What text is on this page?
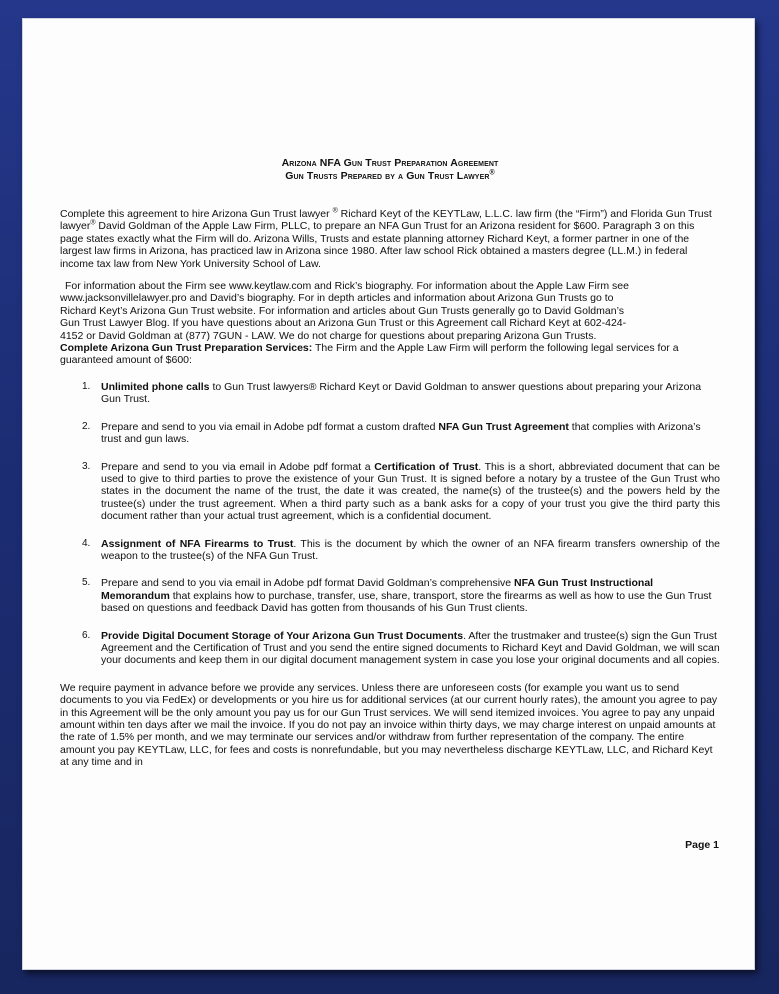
Arizona NFA Gun Trust Preparation Agreement
Gun Trusts Prepared by a Gun Trust Lawyer®

Complete this agreement to hire Arizona Gun Trust lawyer ® Richard Keyt of the KEYTLaw, L.L.C. law firm (the “Firm”) and Florida Gun Trust lawyer® David Goldman of the Apple Law Firm, PLLC, to prepare an NFA Gun Trust for an Arizona resident for $600. Paragraph 3 on this page states exactly what the Firm will do. Arizona Wills, Trusts and estate planning attorney Richard Keyt, a former partner in one of the largest law firms in Arizona, has practiced law in Arizona since 1980. After law school Rick obtained a masters degree (LL.M.) in federal income tax law from New York University School of Law.

For information about the Firm see www.keytlaw.com and Rick’s biography. For information about the Apple Law Firm see
www.jacksonvillelawyer.pro and David’s biography. For in depth articles and information about Arizona Gun Trusts go to
Richard Keyt’s Arizona Gun Trust website. For information and articles about Gun Trusts generally go to David Goldman’s
Gun Trust Lawyer Blog. If you have questions about an Arizona Gun Trust or this Agreement call Richard Keyt at 602-424-
4152 or David Goldman at (877) 7GUN - LAW. We do not charge for questions about preparing Arizona Gun Trusts.

Complete Arizona Gun Trust Preparation Services: The Firm and the Apple Law Firm will perform the following legal services for a guaranteed amount of $600:

1. Unlimited phone calls to Gun Trust lawyers® Richard Keyt or David Goldman to answer questions about preparing your Arizona Gun Trust.
2. Prepare and send to you via email in Adobe pdf format a custom drafted NFA Gun Trust Agreement that complies with Arizona’s trust and gun laws.
3. Prepare and send to you via email in Adobe pdf format a Certification of Trust. This is a short, abbreviated document that can be used to give to third parties to prove the existence of your Gun Trust. It is signed before a notary by a trustee of the Gun Trust who states in the document the name of the trust, the date it was created, the name(s) of the trustee(s) and the powers held by the trustee(s) under the trust agreement. When a third party such as a bank asks for a copy of your trust you give the third party this document rather than your actual trust agreement, which is a confidential document.
4. Assignment of NFA Firearms to Trust. This is the document by which the owner of an NFA firearm transfers ownership of the weapon to the trustee(s) of the NFA Gun Trust.
5. Prepare and send to you via email in Adobe pdf format David Goldman’s comprehensive NFA Gun Trust Instructional Memorandum that explains how to purchase, transfer, use, share, transport, store the firearms as well as how to use the Gun Trust based on questions and feedback David has gotten from thousands of his Gun Trust clients.
6. Provide Digital Document Storage of Your Arizona Gun Trust Documents. After the trustmaker and trustee(s) sign the Gun Trust Agreement and the Certification of Trust and you send the entire signed documents to Richard Keyt and David Goldman, we will scan your documents and keep them in our digital document management system in case you lose your original documents and all copies.

We require payment in advance before we provide any services. Unless there are unforeseen costs (for example you want us to send documents to you via FedEx) or developments or you hire us for additional services (at our current hourly rates), the amount you agree to pay in this Agreement will be the only amount you pay us for our Gun Trust services. We will send itemized invoices. You agree to pay any unpaid amount within ten days after we mail the invoice. If you do not pay an invoice within thirty days, we may charge interest on unpaid amounts at the rate of 1.5% per month, and we may terminate our services and/or withdraw from further representation of the company. The entire amount you pay KEYTLaw, LLC, for fees and costs is nonrefundable, but you may nevertheless discharge KEYTLaw, LLC, and Richard Keyt at any time and in

Page 1
